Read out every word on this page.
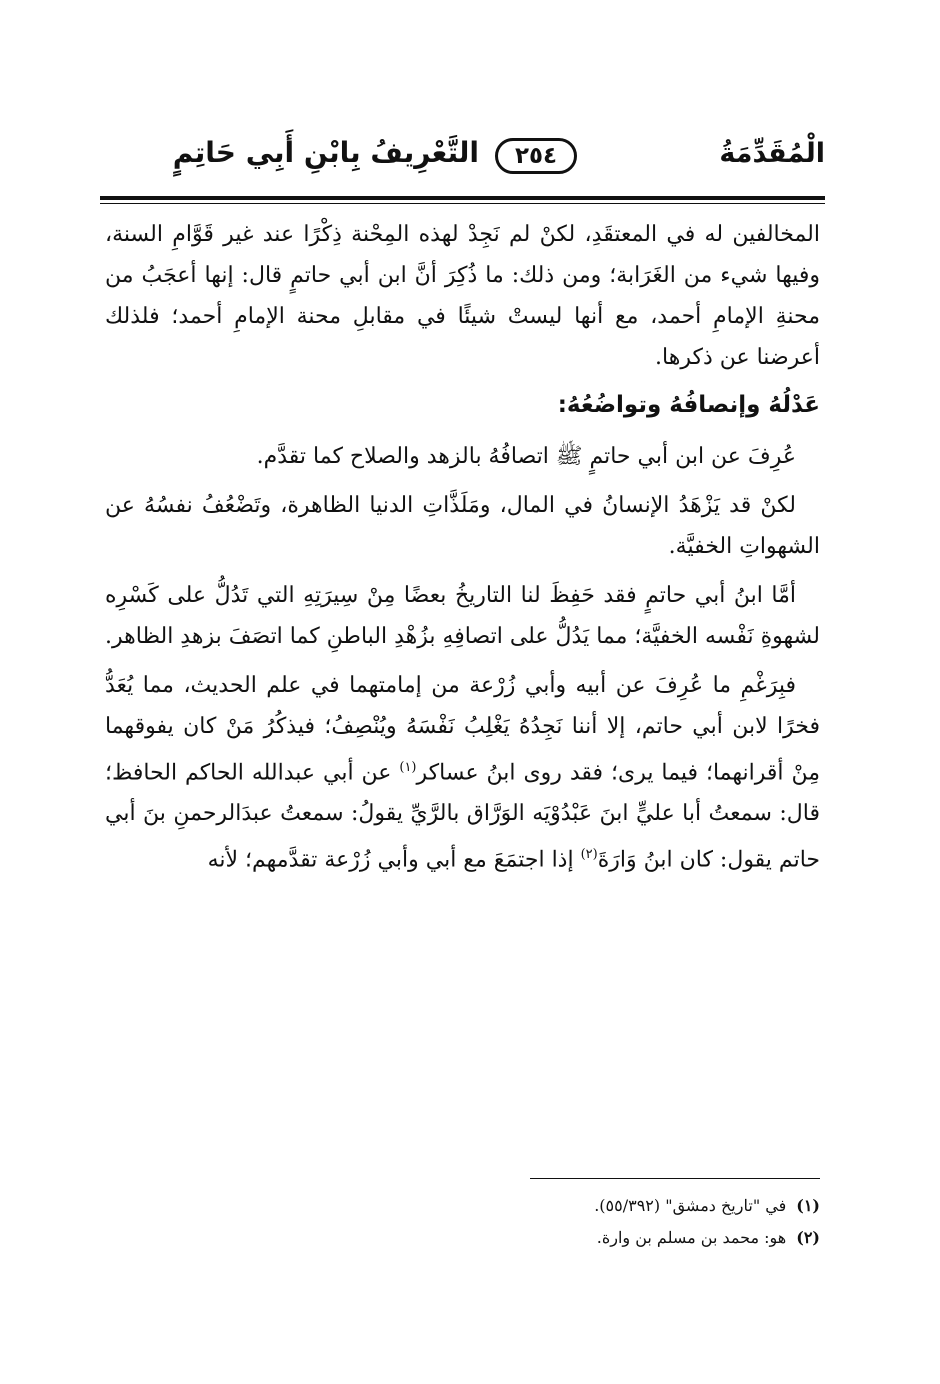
الْمُقَدِّمَةُ
٢٥٤
التَّعْرِيفُ بِابْنِ أَبِي حَاتِمٍ

المخالفين له في المعتقَدِ، لكنْ لم نَجِدْ لهذه المِحْنة ذِكْرًا عند غير قَوَّامِ السنة، وفيها شيء من الغَرَابة؛ ومن ذلك: ما ذُكِرَ أنَّ ابن أبي حاتمٍ قال: إنها أعجَبُ من محنةِ الإمامِ أحمد، مع أنها ليستْ شيئًا في مقابلِ محنة الإمامِ أحمد؛ فلذلك أعرضنا عن ذكرها.

عَدْلُهُ وإنصافُهُ وتواضُعُهُ:

عُرِفَ عن ابن أبي حاتمٍ ﷺ اتصافُهُ بالزهد والصلاح كما تقدَّم.

لكنْ قد يَزْهَدُ الإنسانُ في المال، ومَلَذَّاتِ الدنيا الظاهرة، وتَضْعُفُ نفسُهُ عن الشهواتِ الخفيَّة.

أمَّا ابنُ أبي حاتمٍ فقد حَفِظَ لنا التاريخُ بعضًا مِنْ سِيرَتِهِ التي تَدُلُّ على كَسْرِه لشهوةِ نَفْسه الخفيَّة؛ مما يَدُلُّ على اتصافِهِ بزُهْدِ الباطنِ كما اتصَفَ بزهدِ الظاهر.

فبِرَغْمِ ما عُرِفَ عن أبيه وأبي زُرْعة من إمامتهما في علم الحديث، مما يُعَدُّ فخرًا لابن أبي حاتم، إلا أننا نَجِدُهُ يَغْلِبُ نَفْسَهُ ويُنْصِفُ؛ فيذكُرُ مَنْ كان يفوقهما مِنْ أقرانهما؛ فيما يرى؛ فقد روى ابنُ عساكر$^{(١)}$ عن أبي عبدالله الحاكم الحافظ؛ قال: سمعتُ أبا عليٍّ ابنَ عَبْدُوْيَه الوَرَّاق بالرَّيِّ يقولُ: سمعتُ عبدَالرحمنِ بنَ أبي حاتم يقول: كان ابنُ وَارَةَ$^{(٢)}$ إذا اجتمَعَ مع أبي وأبي زُرْعة تقدَّمهم؛ لأنه

(١)في "تاريخ دمشق" (٥٥/٣٩٢).
(٢)هو: محمد بن مسلم بن وارة.
